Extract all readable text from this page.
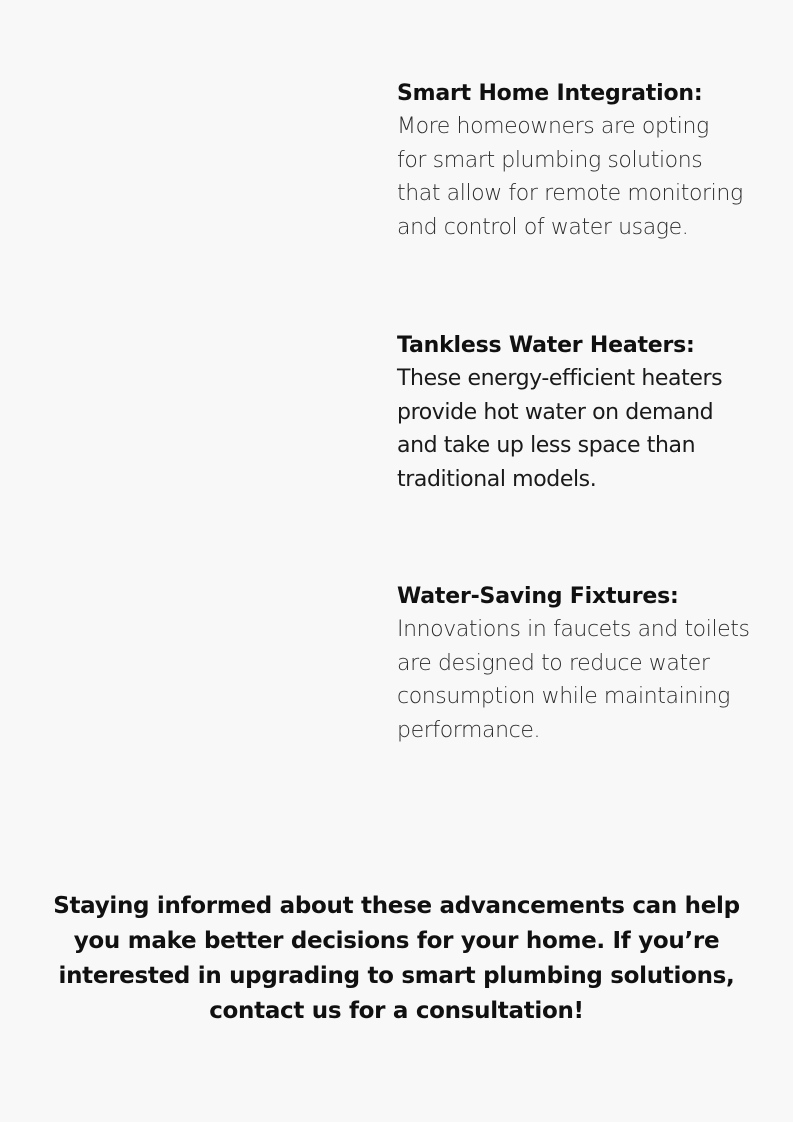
Smart Home Integration:
More homeowners are opting
for smart plumbing solutions
that allow for remote monitoring
and control of water usage.
Tankless Water Heaters:
These energy-efficient heaters
provide hot water on demand
and take up less space than
traditional models.
Water-Saving Fixtures:
Innovations in faucets and toilets
are designed to reduce water
consumption while maintaining
performance.
Staying informed about these advancements can help
you make better decisions for your home. If you’re
interested in upgrading to smart plumbing solutions,
contact us for a consultation!
